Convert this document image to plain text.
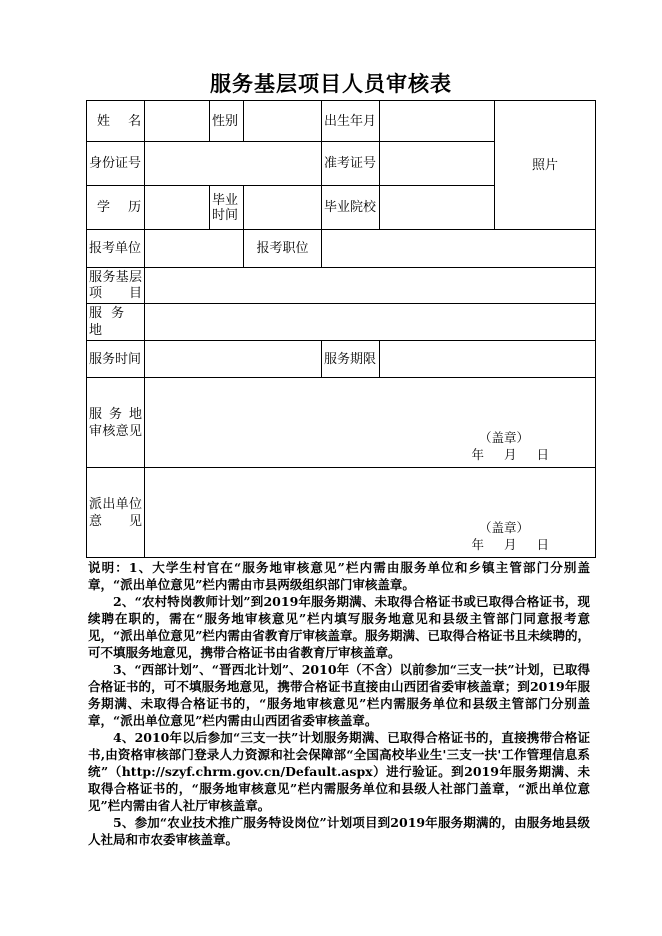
服务基层项目人员审核表
姓 名		性别		出生年月		照片
身份证号				准考证号		
学 历		毕业时间		毕业院校		
报考单位			报考职位			
服务基层项目						
服 务 地						
服务时间				服务期限		
服 务 地 审核意见	（盖章）
年 月 日					

派出单位意 见	（盖章）
年 月 日					

说明：1、大学生村官在“服务地审核意见”栏内需由服务单位和乡镇主管部门分别盖章，“派出单位意见”栏内需由市县两级组织部门审核盖章。

2、“农村特岗教师计划”到2019年服务期满、未取得合格证书或已取得合格证书，现续聘在职的，需在“服务地审核意见”栏内填写服务地意见和县级主管部门同意报考意见，“派出单位意见”栏内需由省教育厅审核盖章。服务期满、已取得合格证书且未续聘的，可不填服务地意见，携带合格证书由省教育厅审核盖章。

3、“西部计划”、“晋西北计划”、2010年（不含）以前参加“三支一扶”计划，已取得合格证书的，可不填服务地意见，携带合格证书直接由山西团省委审核盖章；到2019年服务期满、未取得合格证书的，“服务地审核意见”栏内需服务单位和县级主管部门分别盖章，“派出单位意见”栏内需由山西团省委审核盖章。

4、2010年以后参加“三支一扶”计划服务期满、已取得合格证书的，直接携带合格证书,由资格审核部门登录人力资源和社会保障部“全国高校毕业生'三支一扶'工作管理信息系统”（http://szyf.chrm.gov.cn/Default.aspx）进行验证。到2019年服务期满、未取得合格证书的，“服务地审核意见”栏内需服务单位和县级人社部门盖章，“派出单位意见”栏内需由省人社厅审核盖章。

5、参加“农业技术推广服务特设岗位”计划项目到2019年服务期满的，由服务地县级人社局和市农委审核盖章。
